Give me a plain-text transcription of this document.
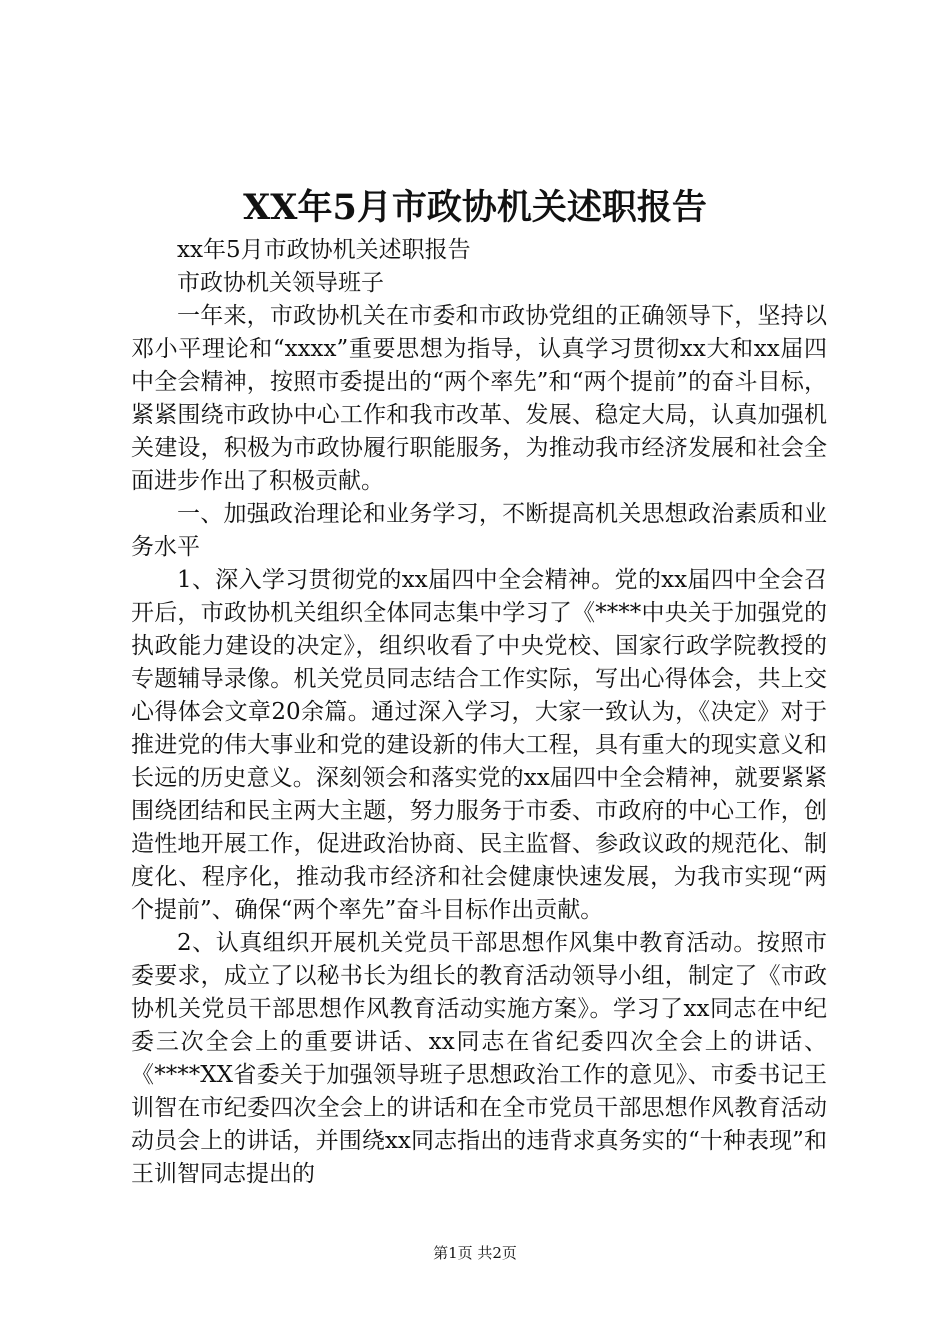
XX年5月市政协机关述职报告

xx年5月市政协机关述职报告

市政协机关领导班子

一年来，市政协机关在市委和市政协党组的正确领导下，坚持以邓小平理论和“xxxx”重要思想为指导，认真学习贯彻xx大和xx届四中全会精神，按照市委提出的“两个率先”和“两个提前”的奋斗目标，紧紧围绕市政协中心工作和我市改革、发展、稳定大局，认真加强机关建设，积极为市政协履行职能服务，为推动我市经济发展和社会全面进步作出了积极贡献。

一、加强政治理论和业务学习，不断提高机关思想政治素质和业务水平

1、深入学习贯彻党的xx届四中全会精神。党的xx届四中全会召开后，市政协机关组织全体同志集中学习了《****中央关于加强党的执政能力建设的决定》，组织收看了中央党校、国家行政学院教授的专题辅导录像。机关党员同志结合工作实际，写出心得体会，共上交心得体会文章20余篇。通过深入学习，大家一致认为，《决定》对于推进党的伟大事业和党的建设新的伟大工程，具有重大的现实意义和长远的历史意义。深刻领会和落实党的xx届四中全会精神，就要紧紧围绕团结和民主两大主题，努力服务于市委、市政府的中心工作，创造性地开展工作，促进政治协商、民主监督、参政议政的规范化、制度化、程序化，推动我市经济和社会健康快速发展，为我市实现“两个提前”、确保“两个率先”奋斗目标作出贡献。

2、认真组织开展机关党员干部思想作风集中教育活动。按照市委要求，成立了以秘书长为组长的教育活动领导小组，制定了《市政协机关党员干部思想作风教育活动实施方案》。学习了xx同志在中纪委三次全会上的重要讲话、xx同志在省纪委四次全会上的讲话、《****XX省委关于加强领导班子思想政治工作的意见》、市委书记王训智在市纪委四次全会上的讲话和在全市党员干部思想作风教育活动动员会上的讲话，并围绕xx同志指出的违背求真务实的“十种表现”和王训智同志提出的

第1页 共2页
